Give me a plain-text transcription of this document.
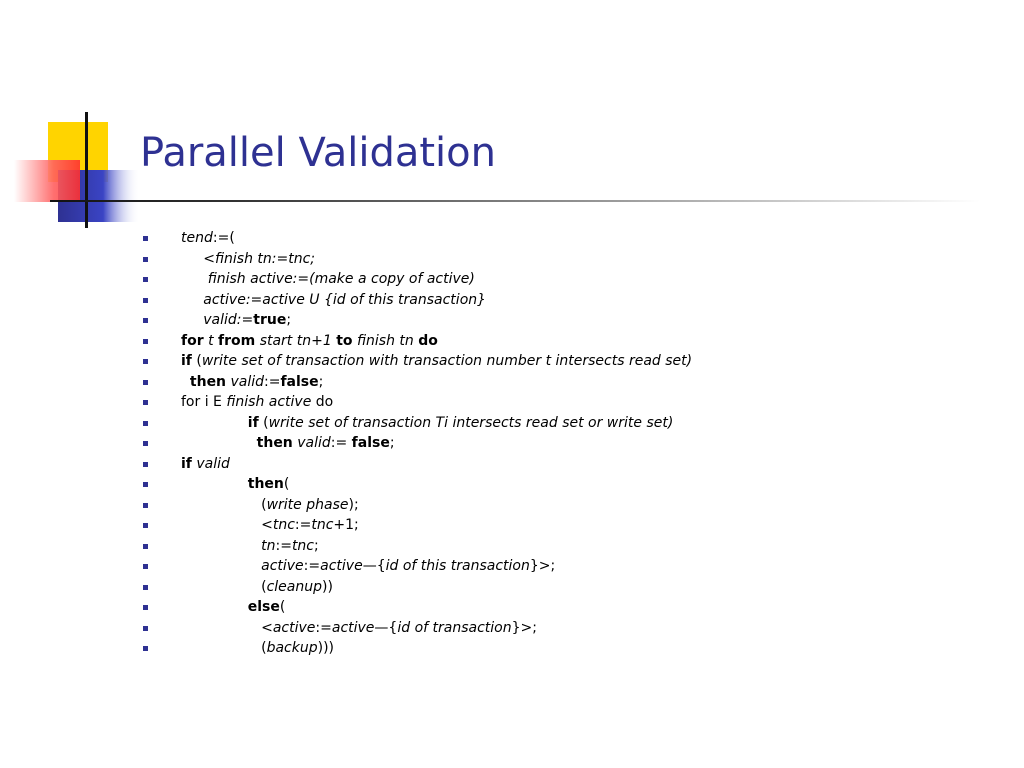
Parallel Validation
tend:=(
<finish tn:=tnc;
finish active:=(make a copy of active)
active:=active U {id of this transaction}
valid:=true;
for t from start tn+1 to finish tn do
if (write set of transaction with transaction number t intersects read set)
then valid:=false;
for i E finish active do
if (write set of transaction Ti intersects read set or write set)
then valid:= false;
if valid
then(
(write phase);
<tnc:=tnc+1;
tn:=tnc;
active:=active—{id of this transaction}>;
(cleanup))
else(
<active:=active—{id of transaction}>;
(backup)))
